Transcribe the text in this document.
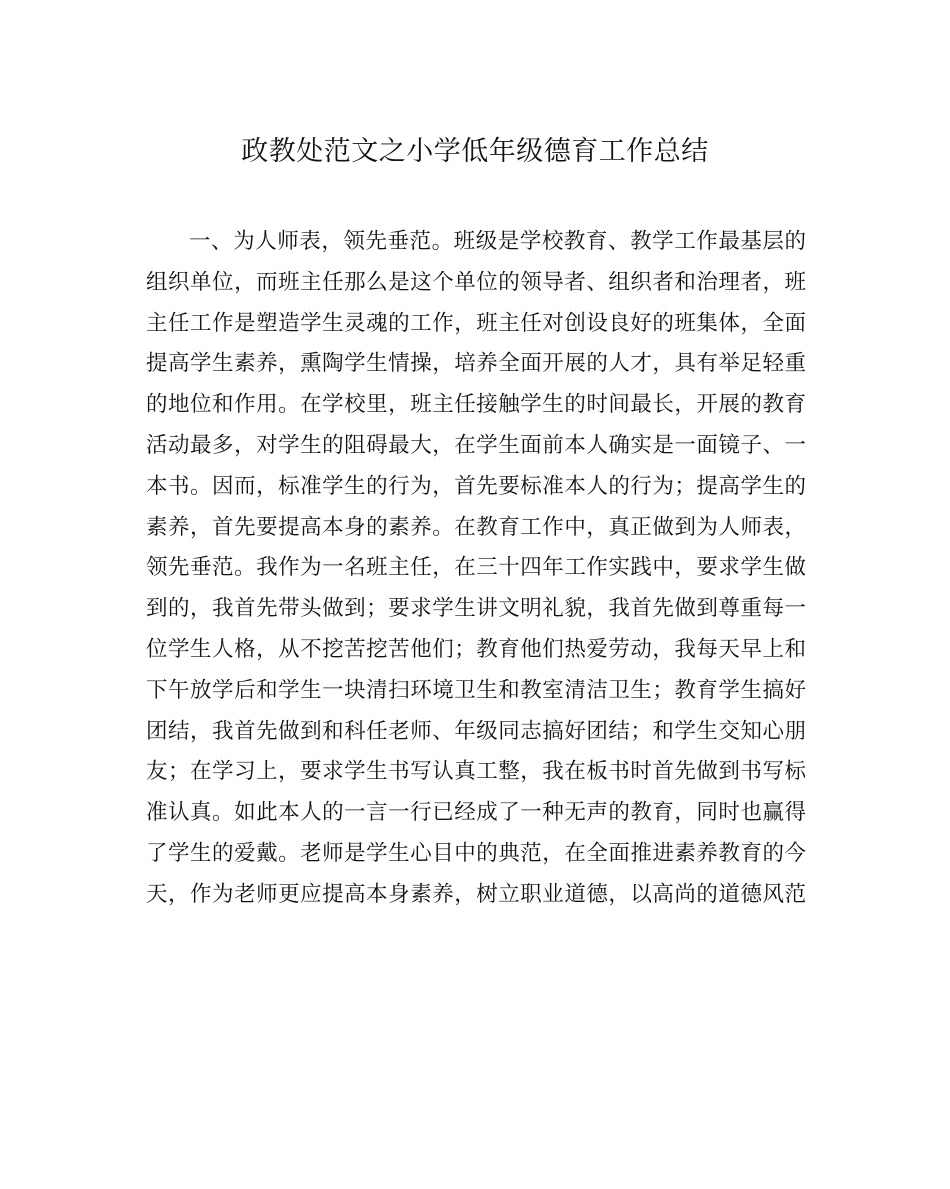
政教处范文之小学低年级德育工作总结
一、为人师表，领先垂范。班级是学校教育、教学工作最基层的
组织单位，而班主任那么是这个单位的领导者、组织者和治理者，班
主任工作是塑造学生灵魂的工作，班主任对创设良好的班集体，全面
提高学生素养，熏陶学生情操，培养全面开展的人才，具有举足轻重
的地位和作用。在学校里，班主任接触学生的时间最长，开展的教育
活动最多，对学生的阻碍最大，在学生面前本人确实是一面镜子、一
本书。因而，标准学生的行为，首先要标准本人的行为；提高学生的
素养，首先要提高本身的素养。在教育工作中，真正做到为人师表，
领先垂范。我作为一名班主任，在三十四年工作实践中，要求学生做
到的，我首先带头做到；要求学生讲文明礼貌，我首先做到尊重每一
位学生人格，从不挖苦挖苦他们；教育他们热爱劳动，我每天早上和
下午放学后和学生一块清扫环境卫生和教室清洁卫生；教育学生搞好
团结，我首先做到和科任老师、年级同志搞好团结；和学生交知心朋
友；在学习上，要求学生书写认真工整，我在板书时首先做到书写标
准认真。如此本人的一言一行已经成了一种无声的教育，同时也赢得
了学生的爱戴。老师是学生心目中的典范，在全面推进素养教育的今
天，作为老师更应提高本身素养，树立职业道德，以高尚的道德风范
